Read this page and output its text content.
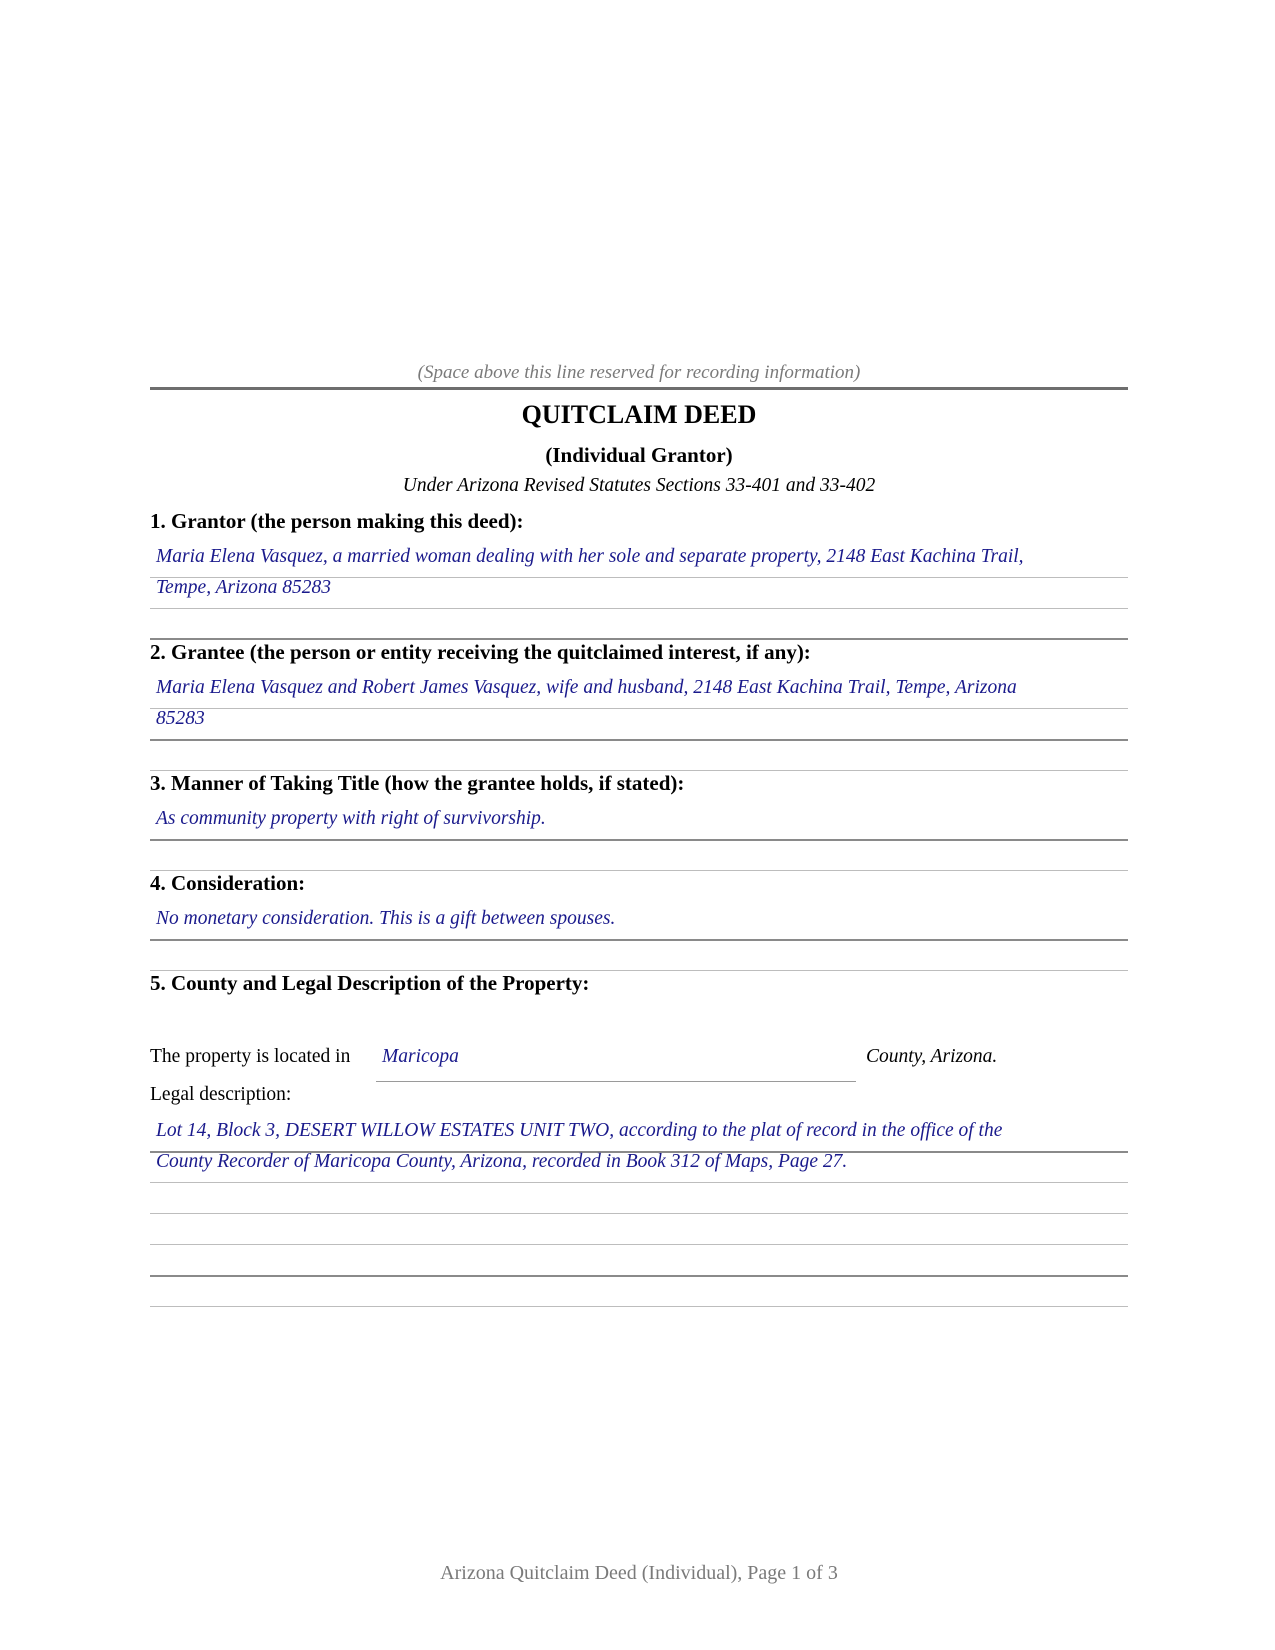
(Space above this line reserved for recording information)
QUITCLAIM DEED
(Individual Grantor)
Under Arizona Revised Statutes Sections 33-401 and 33-402
1. Grantor (the person making this deed):
Maria Elena Vasquez, a married woman dealing with her sole and separate property, 2148 East Kachina Trail,
Tempe, Arizona 85283
2. Grantee (the person or entity receiving the quitclaimed interest, if any):
Maria Elena Vasquez and Robert James Vasquez, wife and husband, 2148 East Kachina Trail, Tempe, Arizona
85283
3. Manner of Taking Title (how the grantee holds, if stated):
As community property with right of survivorship.
4. Consideration:
No monetary consideration. This is a gift between spouses.
5. County and Legal Description of the Property:
The property is located in	Maricopa	County, Arizona.
Legal description:
Lot 14, Block 3, DESERT WILLOW ESTATES UNIT TWO, according to the plat of record in the office of the
County Recorder of Maricopa County, Arizona, recorded in Book 312 of Maps, Page 27.
Arizona Quitclaim Deed (Individual), Page 1 of 3
